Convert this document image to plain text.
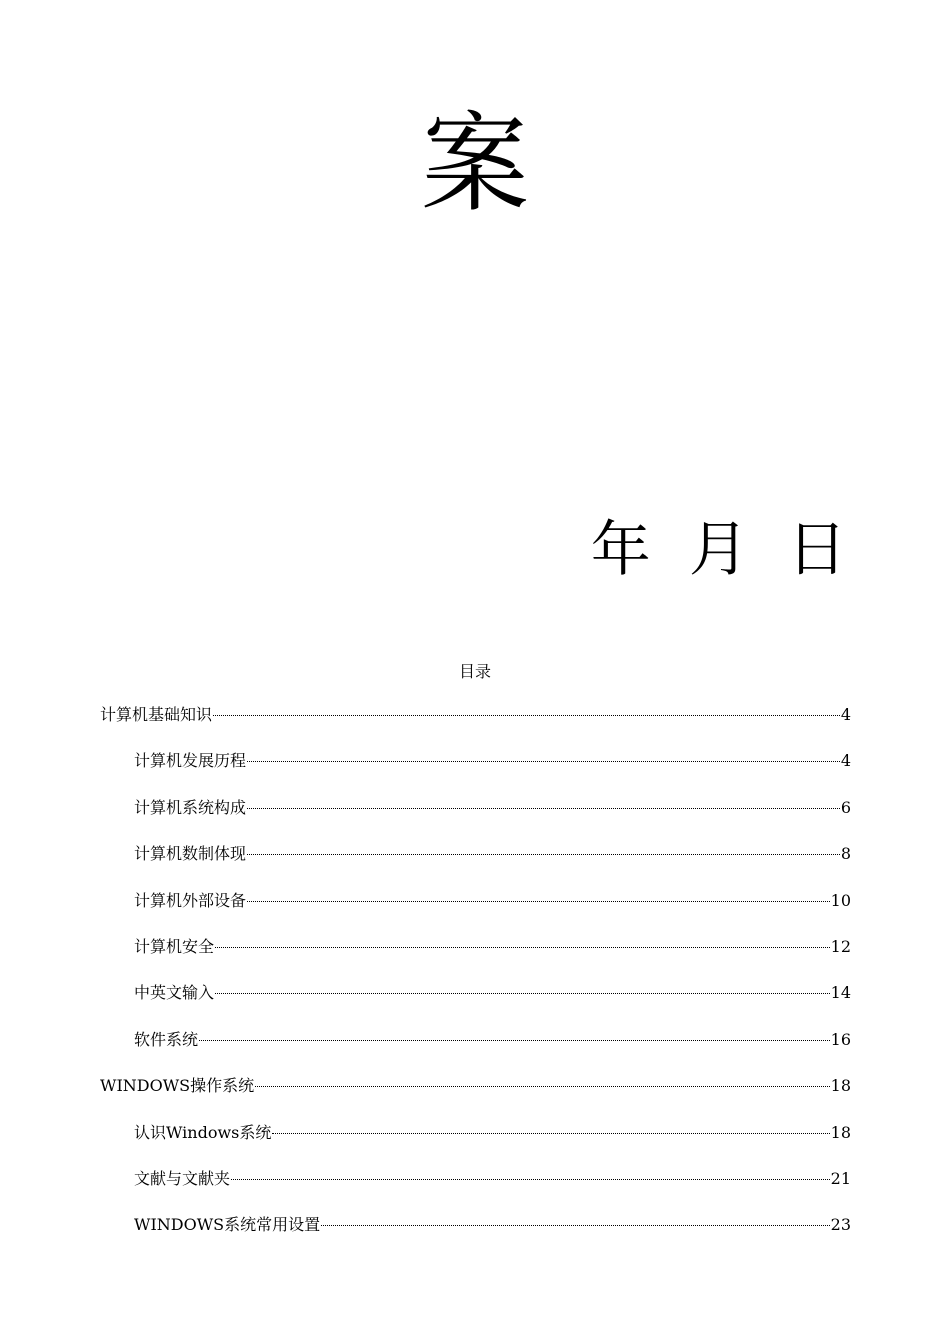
案
年  月  日
目录
计算机基础知识	4
计算机发展历程	4
计算机系统构成	6
计算机数制体现	8
计算机外部设备	10
计算机安全	12
中英文输入	14
软件系统	16
WINDOWS操作系统	18
认识Windows系统	18
文献与文献夹	21
WINDOWS系统常用设置	23
